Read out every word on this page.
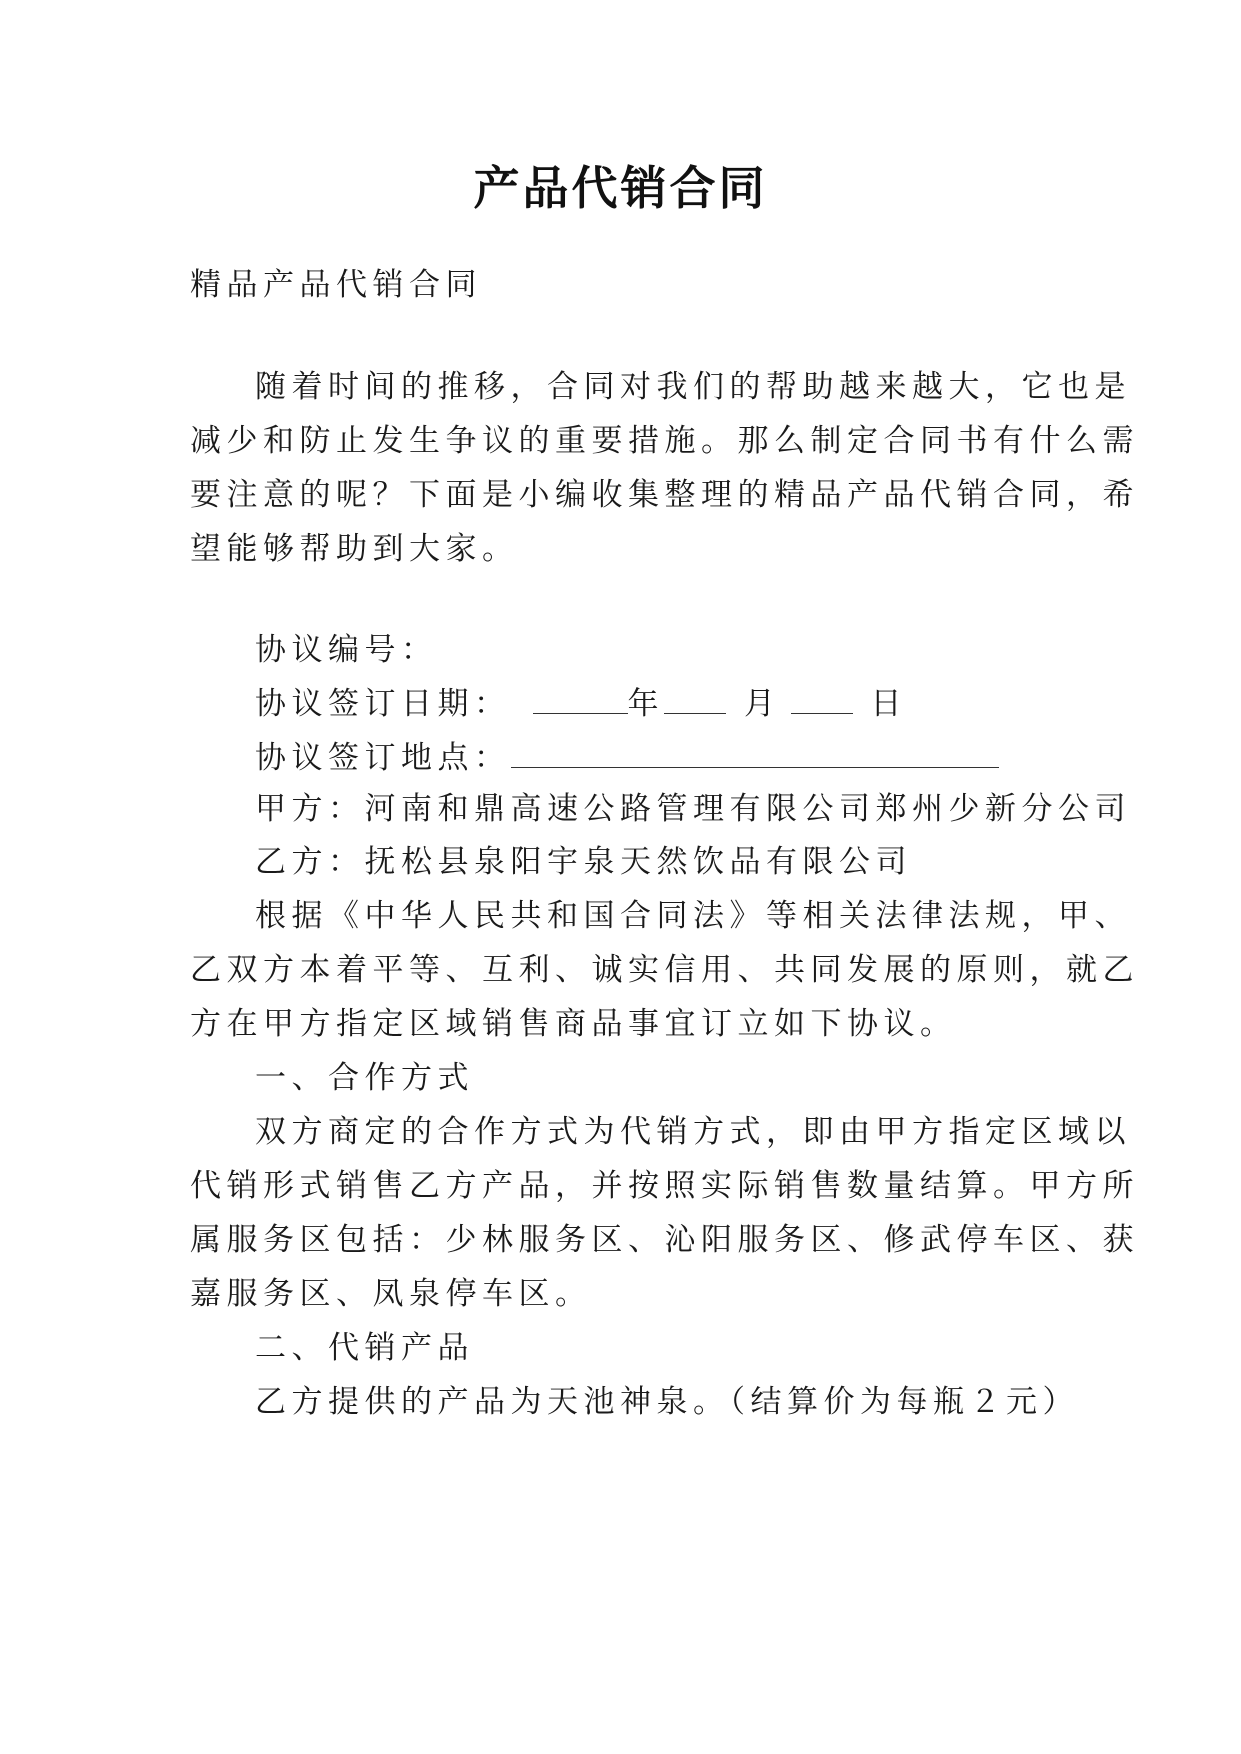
产品代销合同
精品产品代销合同
随着时间的推移，合同对我们的帮助越来越大，它也是
减少和防止发生争议的重要措施。那么制定合同书有什么需
要注意的呢？下面是小编收集整理的精品产品代销合同，希
望能够帮助到大家。
协议编号：
协议签订日期：	年	月	日
协议签订地点：
甲方：河南和鼎高速公路管理有限公司郑州少新分公司
乙方：抚松县泉阳宇泉天然饮品有限公司
根据《中华人民共和国合同法》等相关法律法规，甲、
乙双方本着平等、互利、诚实信用、共同发展的原则，就乙
方在甲方指定区域销售商品事宜订立如下协议。
一、合作方式
双方商定的合作方式为代销方式，即由甲方指定区域以
代销形式销售乙方产品，并按照实际销售数量结算。甲方所
属服务区包括：少林服务区、沁阳服务区、修武停车区、获
嘉服务区、凤泉停车区。
二、代销产品
乙方提供的产品为天池神泉。（结算价为每瓶２元）
